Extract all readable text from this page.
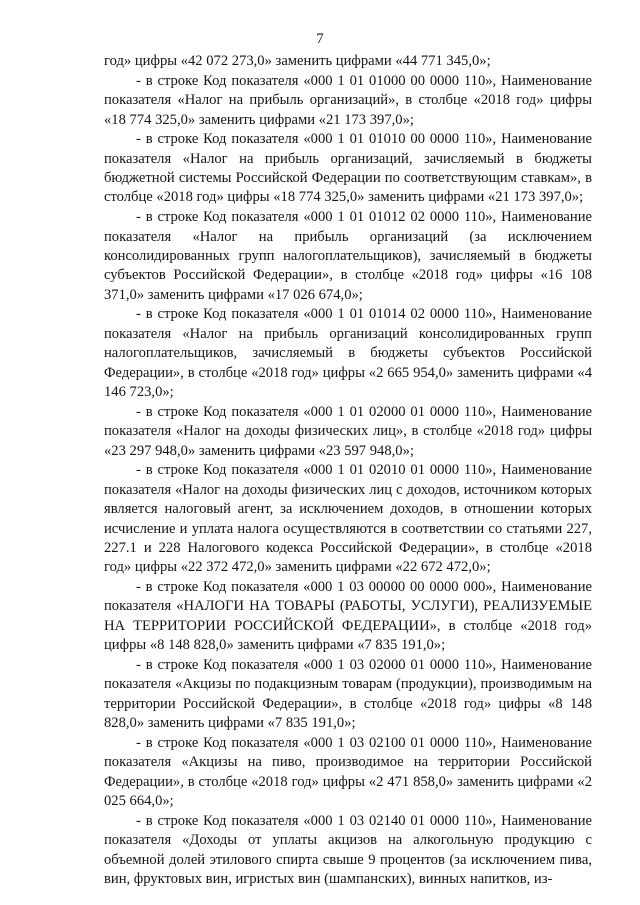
7

год» цифры «42 072 273,0» заменить цифрами «44 771 345,0»;

- в строке Код показателя «000 1 01 01000 00 0000 110», Наименование показателя «Налог на прибыль организаций», в столбце «2018 год» цифры «18 774 325,0» заменить цифрами «21 173 397,0»;

- в строке Код показателя «000 1 01 01010 00 0000 110», Наименование показателя «Налог на прибыль организаций, зачисляемый в бюджеты бюджетной системы Российской Федерации по соответствующим ставкам», в столбце «2018 год» цифры «18 774 325,0» заменить цифрами «21 173 397,0»;

- в строке Код показателя «000 1 01 01012 02 0000 110», Наименование показателя «Налог на прибыль организаций (за исключением консолидированных групп налогоплательщиков), зачисляемый в бюджеты субъектов Российской Федерации», в столбце «2018 год» цифры «16 108 371,0» заменить цифрами «17 026 674,0»;

- в строке Код показателя «000 1 01 01014 02 0000 110», Наименование показателя «Налог на прибыль организаций консолидированных групп налогоплательщиков, зачисляемый в бюджеты субъектов Российской Федерации», в столбце «2018 год» цифры «2 665 954,0» заменить цифрами «4 146 723,0»;

- в строке Код показателя «000 1 01 02000 01 0000 110», Наименование показателя «Налог на доходы физических лиц», в столбце «2018 год» цифры «23 297 948,0» заменить цифрами «23 597 948,0»;

- в строке Код показателя «000 1 01 02010 01 0000 110», Наименование показателя «Налог на доходы физических лиц с доходов, источником которых является налоговый агент, за исключением доходов, в отношении которых исчисление и уплата налога осуществляются в соответствии со статьями 227, 227.1 и 228 Налогового кодекса Российской Федерации», в столбце «2018 год» цифры «22 372 472,0» заменить цифрами «22 672 472,0»;

- в строке Код показателя «000 1 03 00000 00 0000 000», Наименование показателя «НАЛОГИ НА ТОВАРЫ (РАБОТЫ, УСЛУГИ), РЕАЛИЗУЕМЫЕ НА ТЕРРИТОРИИ РОССИЙСКОЙ ФЕДЕРАЦИИ», в столбце «2018 год» цифры «8 148 828,0» заменить цифрами «7 835 191,0»;

- в строке Код показателя «000 1 03 02000 01 0000 110», Наименование показателя «Акцизы по подакцизным товарам (продукции), производимым на территории Российской Федерации», в столбце «2018 год» цифры «8 148 828,0» заменить цифрами «7 835 191,0»;

- в строке Код показателя «000 1 03 02100 01 0000 110», Наименование показателя «Акцизы на пиво, производимое на территории Российской Федерации», в столбце «2018 год» цифры «2 471 858,0» заменить цифрами «2 025 664,0»;

- в строке Код показателя «000 1 03 02140 01 0000 110», Наименование показателя «Доходы от уплаты акцизов на алкогольную продукцию с объемной долей этилового спирта свыше 9 процентов (за исключением пива, вин, фруктовых вин, игристых вин (шампанских), винных напитков, из-
